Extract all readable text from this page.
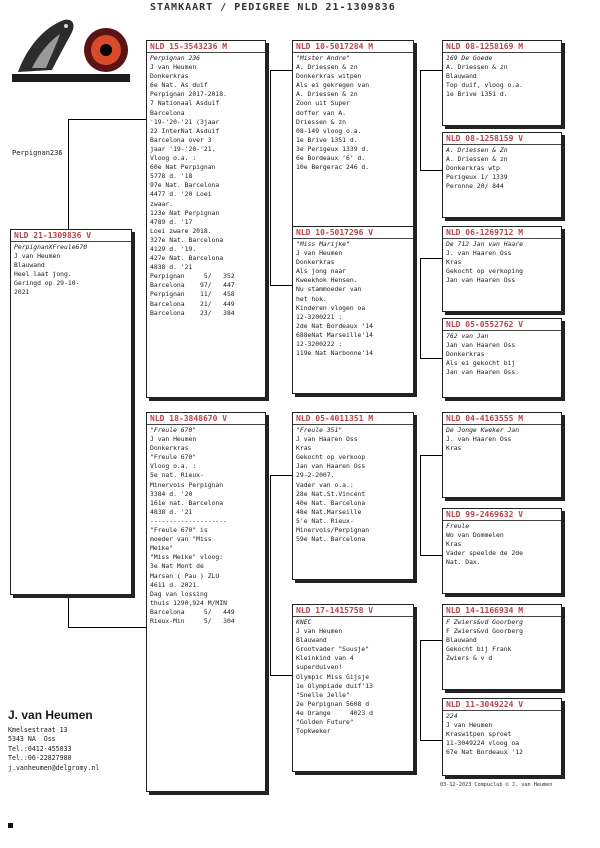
STAMKAART / PEDIGREE NLD 21-1309836
Perpignan236
NLD 21-1309836 V
PerpignanXFreule670
J van Heumen
Blauwand
Heel laat jong.
Geringd op 29-10-
2021
NLD 15-3543236 M
Perpignan 236
J van Heumen
Donkerkras
6e Nat. As duif
Perpignan 2017-2018.
7 Nationaal Asduif
Barcelona
'19-'20-'21 (3jaar
22 InterNat Asduif
Barcelona over 3
jaar '19-'20-'21.
Vloog o.a. :
60e Nat Perpignan
5778 d. '18
97e Nat. Barcelona
4477 d. '20 Loei
zwaar.
123e Nat Perpignan
4789 d. '17
Loei zware 2018.
327e Nat. Barcelona
4129 d. '19.
427e Nat. Barcelona
4838 d. '21
Perpignan     5/   352
Barcelona    97/   447
Perpignan    11/   458
Barcelona    21/   449
Barcelona    23/   384
NLD 18-3848670 V
"Freule 670"
J van Heumen
Donkerkras
"Freule 670"
Vloog o.a. :
5e nat. Rieux-
Minervois Perpignan
3384 d. '20
161e nat. Barcelona
4838 d. '21
--------------------
"Freule 670" is
moeder van "Miss
Meike"
"Miss Meike" vloog:
3e Nat Mont de
Marsan ( Pau ) ZLU
4611 d. 2021.
Dag van lossing
thuis 1290,924 M/MIN
Barcelona     5/   449
Rieux-Min     5/   304
NLD 10-5017284 M
"Mister Andre"
A. Driessen & zn
Donkerkras witpen
Als ei gekregen van
A. Driessen & zn
Zoon uit Super
doffer van A.
Driessen & zn
08-149 vloog o.a.
1e Brive 1351 d.
3e Perigeux 1339 d.
6e Bordeaux '6' d.
10e Bergerac 246 d.
NLD 10-5017296 V
"Miss Marijke"
J van Heumen
Donkerkras
Als jong naar
Kweekhok Hensen.
Nu stammoeder van
het hok.
Kinderen vlogen oa
12-3200221 :
2de Nat Bordeaux '14
688eNat Marseille'14
12-3200222 :
119e Nat Narbonne'14
NLD 05-4011351 M
"Freule 351"
J van Haaren Oss
Kras
Gekocht op verkoop
Jan van Haaren Oss
29-2-2007.
Vader van o.a.:
28e Nat.St.Vincent
40e Nat. Barcelona
48e Nat.Marseille
5'e Nat. Rieux-
Minervois/Perpignan
59e Nat. Barcelona
NLD 17-1415758 V
KNEC
J van Heumen
Blauwand
Grootvader "Suusje"
Kleinkind van 4
superduiven!
Olympic Miss Gijsje
1e Olympiade duif'13
"Snelle Jelle"
2e Perpignan 5608 d
4e Orange     4023 d
"Golden Future"
Topkweker
NLD 08-1258169 M
169 De Goede
A. Driessen & zn
Blauwand
Top duif, vloog o.a.
1e Brive 1351 d.
NLD 08-1258159 V
A. Driessen & Zn
A. Driessen & zn
Donkerkras wtp
Perigeux 1/ 1339
Peronne 20/ 844
NLD 06-1269712 M
De 712 Jan van Haare
J. van Haaren Oss
Kras
Gekocht op verkoping
Jan van Haaren Oss
NLD 05-0552762 V
762 van Jan
Jan van Haaren Oss
Donkerkras
Als ei gekocht bij
Jan van Haaren Oss.
NLD 04-4163555 M
De Jonge Kweker Jan
J. van Haaren Oss
Kras
NLD 99-2469632 V
Freule
Wo van Dommelen
Kras
Vader speelde de 2de
Nat. Dax.
NLD 14-1166934 M
F Zwiers&vd Goorberg
F Zwiers&vd Goorberg
Blauwand
Gekocht bij Frank
Zwiers & v d
NLD 11-3049224 V
224
J van Heumen
Kraswitpen sproet
11-3049224 vloog oa
67e Nat Bordeaux '12
J. van Heumen
Kmelsestraat 13
5343 NA  Oss
Tel.:0412-455033
Tel.:06-22827980
j.vanheumen@delgromy.nl
03-12-2023 Compuclub © J. van Heumen
